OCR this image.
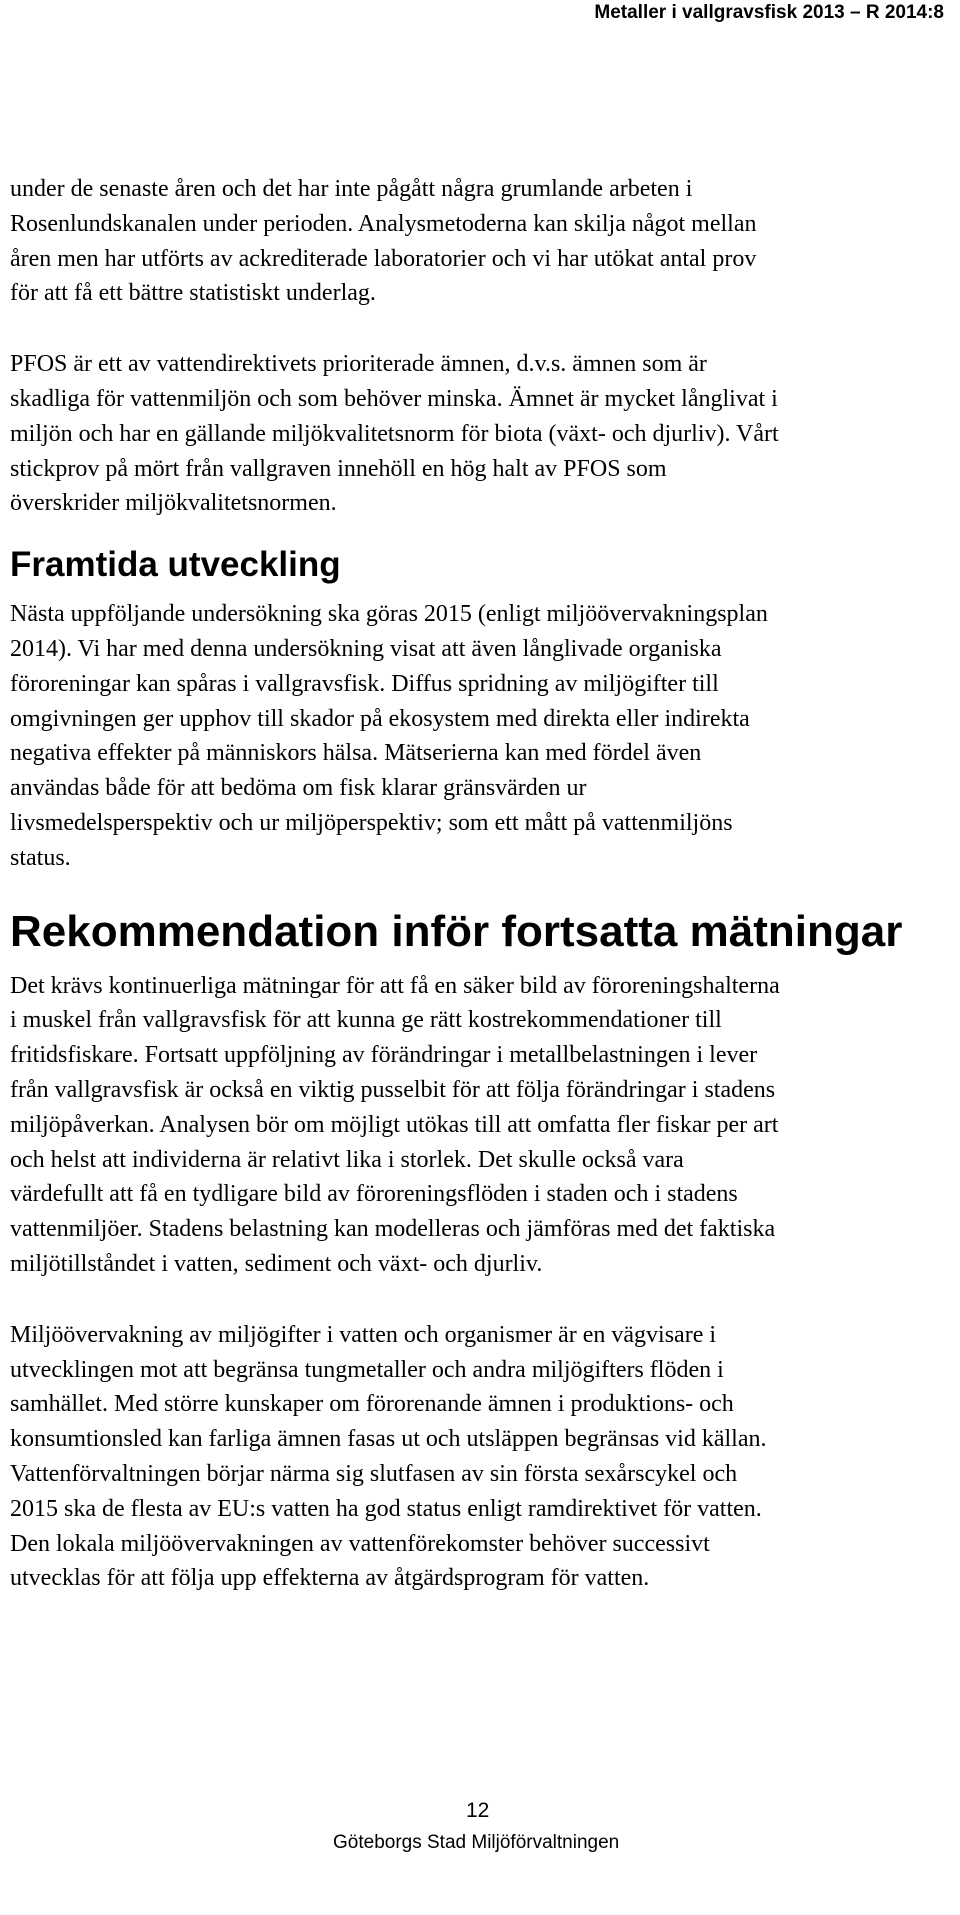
Metaller i vallgravsfisk 2013 – R 2014:8

under de senaste åren och det har inte pågått några grumlande arbeten i
Rosenlundskanalen under perioden. Analysmetoderna kan skilja något mellan
åren men har utförts av ackrediterade laboratorier och vi har utökat antal prov
för att få ett bättre statistiskt underlag.

PFOS är ett av vattendirektivets prioriterade ämnen, d.v.s. ämnen som är
skadliga för vattenmiljön och som behöver minska. Ämnet är mycket långlivat i
miljön och har en gällande miljökvalitetsnorm för biota (växt- och djurliv). Vårt
stickprov på mört från vallgraven innehöll en hög halt av PFOS som
överskrider miljökvalitetsnormen.

Framtida utveckling

Nästa uppföljande undersökning ska göras 2015 (enligt miljöövervakningsplan
2014). Vi har med denna undersökning visat att även långlivade organiska
föroreningar kan spåras i vallgravsfisk. Diffus spridning av miljögifter till
omgivningen ger upphov till skador på ekosystem med direkta eller indirekta
negativa effekter på människors hälsa. Mätserierna kan med fördel även
användas både för att bedöma om fisk klarar gränsvärden ur
livsmedelsperspektiv och ur miljöperspektiv; som ett mått på vattenmiljöns
status.

Rekommendation inför fortsatta mätningar

Det krävs kontinuerliga mätningar för att få en säker bild av föroreningshalterna
i muskel från vallgravsfisk för att kunna ge rätt kostrekommendationer till
fritidsfiskare. Fortsatt uppföljning av förändringar i metallbelastningen i lever
från vallgravsfisk är också en viktig pusselbit för att följa förändringar i stadens
miljöpåverkan. Analysen bör om möjligt utökas till att omfatta fler fiskar per art
och helst att individerna är relativt lika i storlek. Det skulle också vara
värdefullt att få en tydligare bild av föroreningsflöden i staden och i stadens
vattenmiljöer. Stadens belastning kan modelleras och jämföras med det faktiska
miljötillståndet i vatten, sediment och växt- och djurliv.

Miljöövervakning av miljögifter i vatten och organismer är en vägvisare i
utvecklingen mot att begränsa tungmetaller och andra miljögifters flöden i
samhället. Med större kunskaper om förorenande ämnen i produktions- och
konsumtionsled kan farliga ämnen fasas ut och utsläppen begränsas vid källan.
Vattenförvaltningen börjar närma sig slutfasen av sin första sexårscykel och
2015 ska de flesta av EU:s vatten ha god status enligt ramdirektivet för vatten.
Den lokala miljöövervakningen av vattenförekomster behöver successivt
utvecklas för att följa upp effekterna av åtgärdsprogram för vatten.

12

Göteborgs Stad Miljöförvaltningen
